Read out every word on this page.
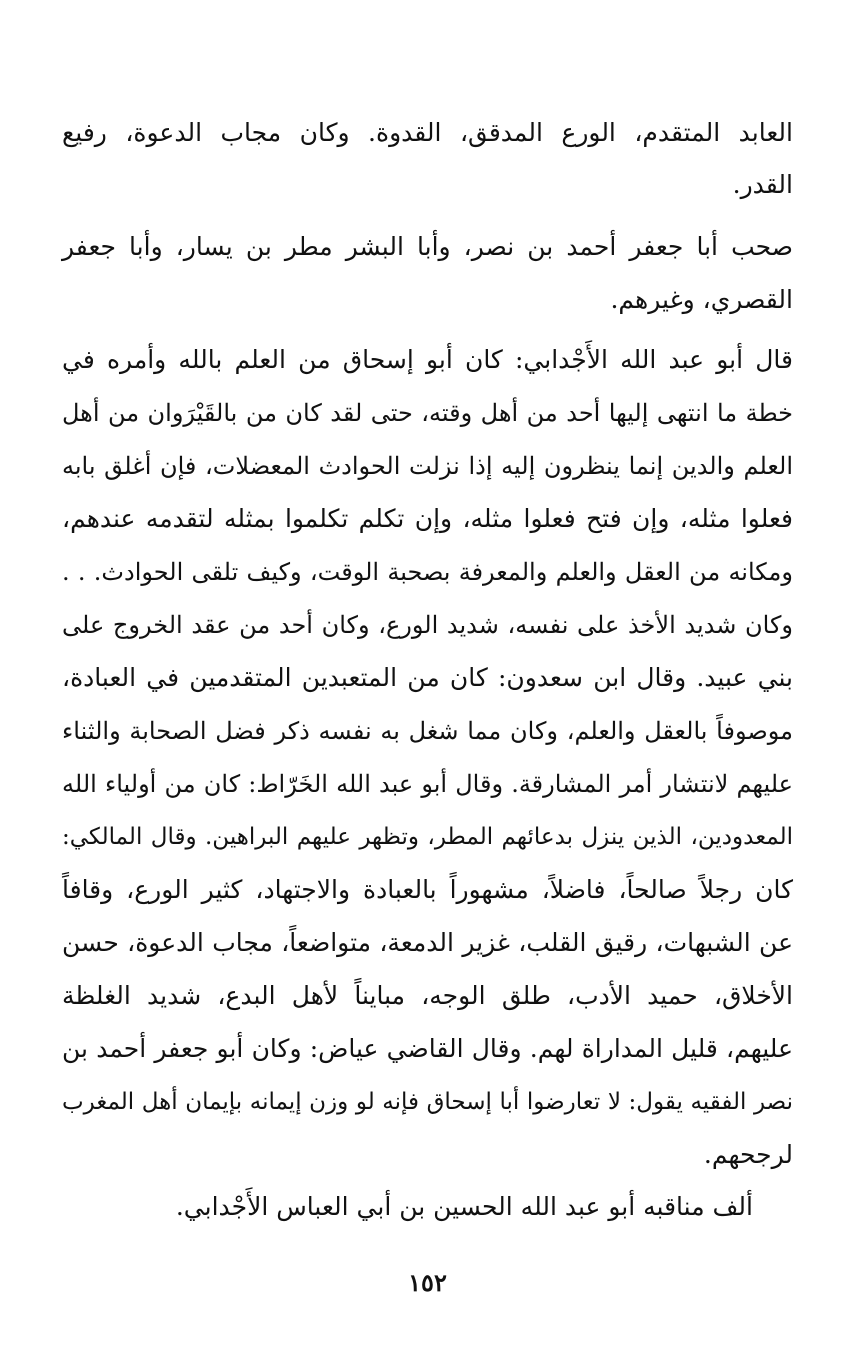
العابد المتقدم، الورع المدقق، القدوة. وكان مجاب الدعوة، رفيع
القدر.
صحب أبا جعفر أحمد بن نصر، وأبا البشر مطر بن يسار، وأبا جعفر
القصري، وغيرهم.
قال أبو عبد الله الأَجْدابي: كان أبو إسحاق من العلم بالله وأمره في
خطة ما انتهى إليها أحد من أهل وقته، حتى لقد كان من بالقَيْرَوان من أهل
العلم والدين إنما ينظرون إليه إذا نزلت الحوادث المعضلات، فإن أغلق بابه
فعلوا مثله، وإن فتح فعلوا مثله، وإن تكلم تكلموا بمثله لتقدمه عندهم،
ومكانه من العقل والعلم والمعرفة بصحبة الوقت، وكيف تلقى الحوادث. . .
وكان شديد الأخذ على نفسه، شديد الورع، وكان أحد من عقد الخروج على
بني عبيد. وقال ابن سعدون: كان من المتعبدين المتقدمين في العبادة،
موصوفاً بالعقل والعلم، وكان مما شغل به نفسه ذكر فضل الصحابة والثناء
عليهم لانتشار أمر المشارقة. وقال أبو عبد الله الخَرّاط: كان من أولياء الله
المعدودين، الذين ينزل بدعائهم المطر، وتظهر عليهم البراهين. وقال المالكي:
كان رجلاً صالحاً، فاضلاً، مشهوراً بالعبادة والاجتهاد، كثير الورع، وقافاً
عن الشبهات، رقيق القلب، غزير الدمعة، متواضعاً، مجاب الدعوة، حسن
الأخلاق، حميد الأدب، طلق الوجه، مبايناً لأهل البدع، شديد الغلظة
عليهم، قليل المداراة لهم. وقال القاضي عياض: وكان أبو جعفر أحمد بن
نصر الفقيه يقول: لا تعارضوا أبا إسحاق فإنه لو وزن إيمانه بإيمان أهل المغرب
لرجحهم.
ألف مناقبه أبو عبد الله الحسين بن أبي العباس الأَجْدابي.
١٥٢
